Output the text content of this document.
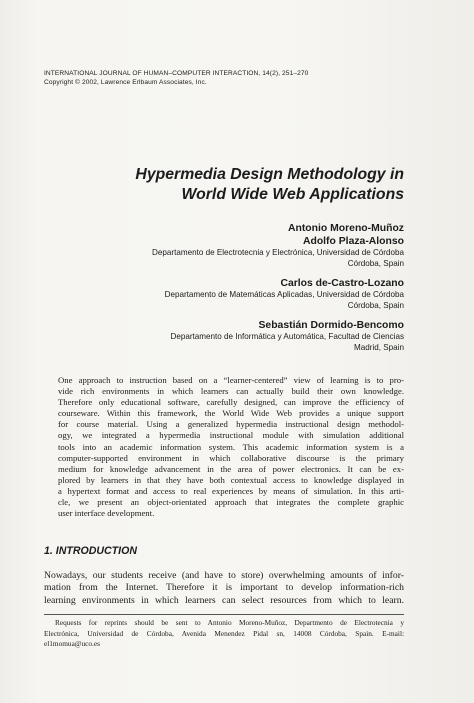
INTERNATIONAL JOURNAL OF HUMAN–COMPUTER INTERACTION, 14(2), 251–270
Copyright © 2002, Lawrence Erlbaum Associates, Inc.
Hypermedia Design Methodology in
World Wide Web Applications
Antonio Moreno-Muñoz
Adolfo Plaza-Alonso
Departamento de Electrotecnia y Electrónica, Universidad de Córdoba
Córdoba, Spain
Carlos de-Castro-Lozano
Departamento de Matemáticas Aplicadas, Universidad de Córdoba
Córdoba, Spain
Sebastián Dormido-Bencomo
Departamento de Informática y Automática, Facultad de Ciencias
Madrid, Spain
One approach to instruction based on a “learner-centered” view of learning is to pro-
vide rich environments in which learners can actually build their own knowledge.
Therefore only educational software, carefully designed, can improve the efficiency of
courseware. Within this framework, the World Wide Web provides a unique support
for course material. Using a generalized hypermedia instructional design methodol-
ogy, we integrated a hypermedia instructional module with simulation additional
tools into an academic information system. This academic information system is a
computer-supported environment in which collaborative discourse is the primary
medium for knowledge advancement in the area of power electronics. It can be ex-
plored by learners in that they have both contextual access to knowledge displayed in
a hypertext format and access to real experiences by means of simulation. In this arti-
cle, we present an object-orientated approach that integrates the complete graphic
user interface development.
1. INTRODUCTION
Nowadays, our students receive (and have to store) overwhelming amounts of infor-
mation from the Internet. Therefore it is important to develop information-rich
learning environments in which learners can select resources from which to learn.
Requests for reprints should be sent to Antonio Moreno-Muñoz, Departmento de Electrotecnia y
Electrónica, Universidad de Córdoba, Avenida Menendez Pidal sn, 14008 Córdoba, Spain. E-mail:
el1momua@uco.es
